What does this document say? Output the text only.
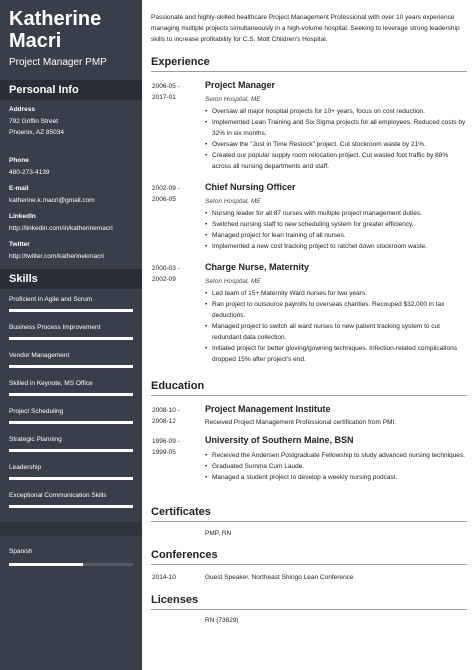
Katherine
Macri
Project Manager PMP
Personal Info
Address
792 Griffin Street
Phoenix, AZ 85034
Phone
480-273-4139
E-mail
katherine.k.macri@gmail.com
LinkedIn
http://linkedin.com/in/katherinemacri
Twitter
http://twitter.com/katherinekmacri
Skills
Proficient in Agile and Scrum
Business Process Improvement
Vendor Management
Skilled in Keynote, MS Office
Project Scheduling
Strategic Planning
Leadership
Exceptional Communication Skills
Spanish
Passionate and highly-skilled healthcare Project Management Professional with over 10 years experience managing multiple projects simultaneously in a high-volume hospital. Seeking to leverage strong leadership skills to increase profitability for C.S. Mott Children's Hospital.
Experience
2006-05 -
2017-01
Project Manager
Seton Hospital, ME
• Oversaw all major hospital projects for 10+ years, focus on cost reduction.
• Implemented Lean Training and Six Sigma projects for all employees. Reduced costs by 32% in six months.
• Oversaw the "Just in Time Restock" project. Cut stockroom waste by 21%.
• Created our popular supply room relocation project. Cut wasted foot traffic by 88% across all nursing departments and staff.
2002-09 -
2006-05
Chief Nursing Officer
Seton Hospital, ME
• Nursing leader for all 87 nurses with multiple project management duties.
• Switched nursing staff to new scheduling system for greater efficiency.
• Managed project for lean training of all nurses.
• Implemented a new cost tracking project to ratchet down stockroom waste.
2000-03 -
2002-09
Charge Nurse, Maternity
Seton Hospital, ME
• Led team of 15+ Maternity Ward nurses for two years.
• Ran project to outsource payrolls to overseas charities. Recouped $32,000 in tax deductions.
• Managed project to switch all ward nurses to new patient tracking system to cut redundant data collection.
• Initiated project for better gloving/gowning techniques. Infection-related complications dropped 15% after project's end.
Education
2008-10 -
2008-12
Project Management Institute
Received Project Management Professional certification from PMI.
1996-09 -
1999-05
University of Southern Maine, BSN
• Received the Andersen Postgraduate Fellowship to study advanced nursing techniques.
• Graduated Summa Cum Laude.
• Managed a student project to develop a weekly nursing podcast.
Certificates
PMP, RN
Conferences
2014-10	Guest Speaker, Northeast Shingo Lean Conference
Licenses
RN (73829)
